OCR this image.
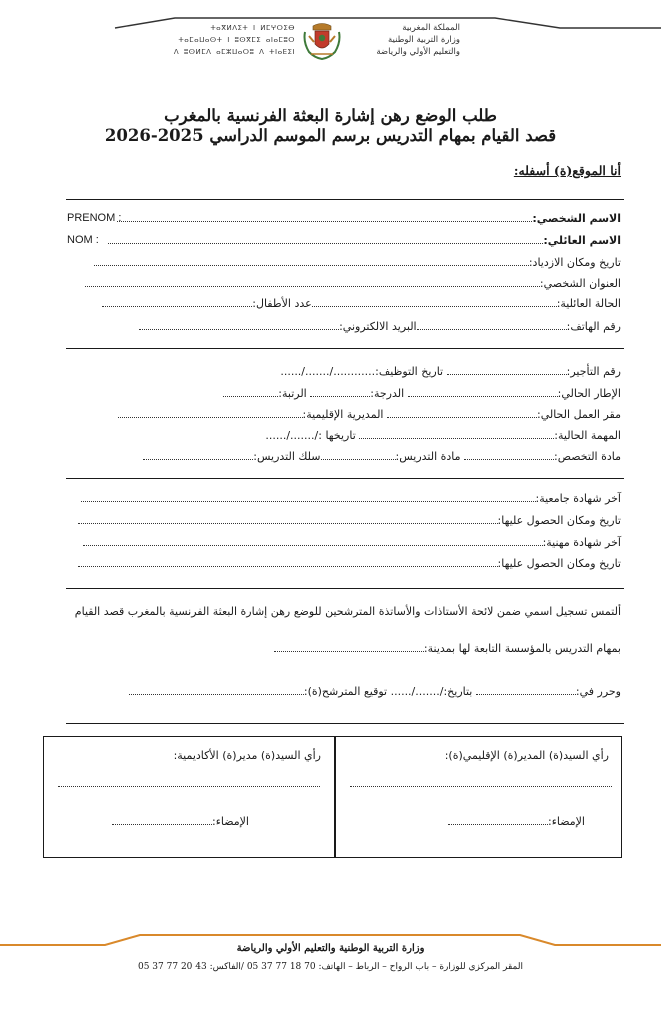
المملكة المغربية
وزارة التربية الوطنية
والتعليم الأولي والرياضة
ⵜⴰⴳⵍⴷⵉⵜ ⵏ ⵍⵎⵖⵔⵉⴱ
ⵜⴰⵎⴰⵡⴰⵙⵜ ⵏ ⵓⵙⴳⵎⵉ ⴰⵏⴰⵎⵓⵔ
ⴷ ⵓⵙⵍⵎⴷ ⴰⵎⵣⵡⴰⵔⵓ ⴷ ⵜⵏⴰⴹⵉⵏ
طلب الوضع رهن إشارة البعثة الفرنسية بالمغرب
قصد القيام بمهام التدريس برسم الموسم الدراسي 2025-2026
أنا الموقع(ة) أسفله:
الاسم الشخصي:
PRENOM :
الاسم العائلي:
NOM :
تاريخ ومكان الازدياد:
العنوان الشخصي:
الحالة العائلية:عدد الأطفال:
رقم الهاتف:البريد الالكتروني:
رقم التأجير: تاريخ التوظيف:....../......./............
الإطار الحالي: الدرجة: الرتبة:
مقر العمل الحالي: المديرية الإقليمية:
المهمة الحالية: تاريخها :....../......./
مادة التخصص: مادة التدريس:سلك التدريس:
آخر شهادة جامعية:
تاريخ ومكان الحصول عليها:
آخر شهادة مهنية:
تاريخ ومكان الحصول عليها:
ألتمس تسجيل اسمي ضمن لائحة الأستاذات والأساتذة المترشحين للوضع رهن إشارة البعثة الفرنسية بالمغرب قصد القيام
بمهام التدريس بالمؤسسة التابعة لها بمدينة:
وحرر في: بتاريخ:....../......./ توقيع المترشح(ة):
رأي السيد(ة) المدير(ة) الإقليمي(ة):
الإمضاء:
رأي السيد(ة) مدير(ة) الأكاديمية:
الإمضاء:
وزارة التربية الوطنية والتعليم الأولي والرياضة
المقر المركزي للوزارة – باب الرواح – الرباط – الهاتف: 70 18 77 37 05 /الفاكس: 43 20 77 37 05
